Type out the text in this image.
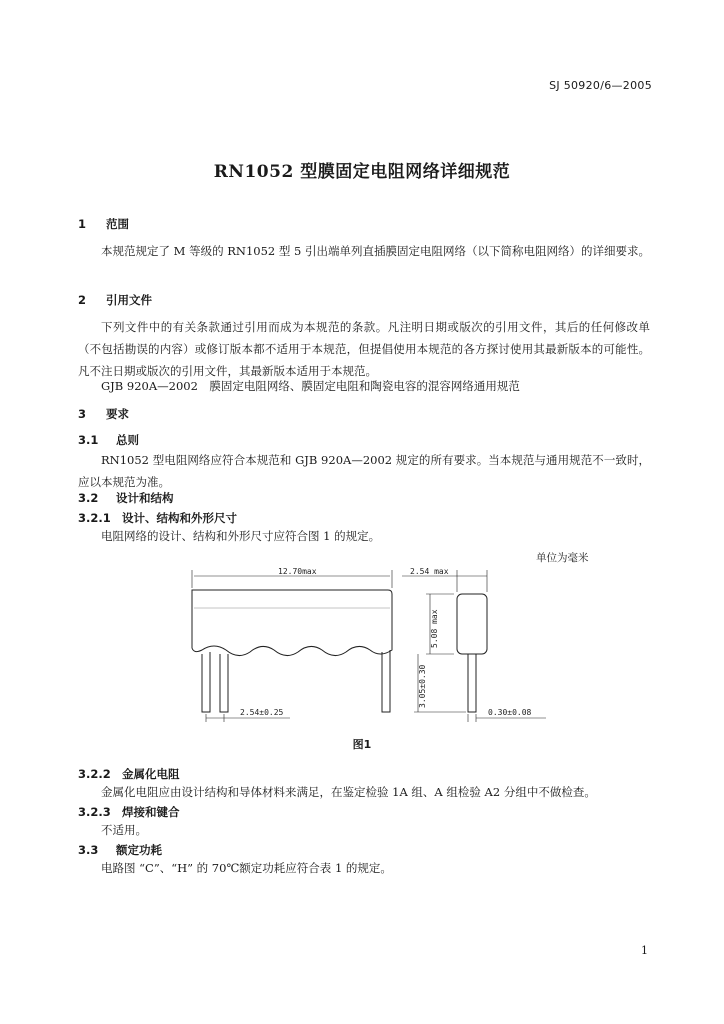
SJ 50920/6—2005
RN1052 型膜固定电阻网络详细规范
1 范围

本规范规定了 M 等级的 RN1052 型 5 引出端单列直插膜固定电阻网络（以下简称电阻网络）的详细要求。

2 引用文件

下列文件中的有关条款通过引用而成为本规范的条款。凡注明日期或版次的引用文件，其后的任何修改单（不包括勘误的内容）或修订版本都不适用于本规范，但提倡使用本规范的各方探讨使用其最新版本的可能性。凡不注日期或版次的引用文件，其最新版本适用于本规范。

GJB 920A—2002　膜固定电阻网络、膜固定电阻和陶瓷电容的混容网络通用规范
3 要求
3.1 总则

RN1052 型电阻网络应符合本规范和 GJB 920A—2002 规定的所有要求。当本规范与通用规范不一致时，应以本规范为准。

3.2 设计和结构
3.2.1 设计、结构和外形尺寸
电阻网络的设计、结构和外形尺寸应符合图 1 的规定。
单位为毫米
12.70max	2.54 max
5.08 max
3.05±0.30
2.54±0.25	0.30±0.08
图1
3.2.2 金属化电阻
金属化电阻应由设计结构和导体材料来满足，在鉴定检验 1A 组、A 组检验 A2 分组中不做检查。
3.2.3 焊接和键合
不适用。
3.3 额定功耗
电路图 “C”、“H” 的 70℃额定功耗应符合表 1 的规定。
1
